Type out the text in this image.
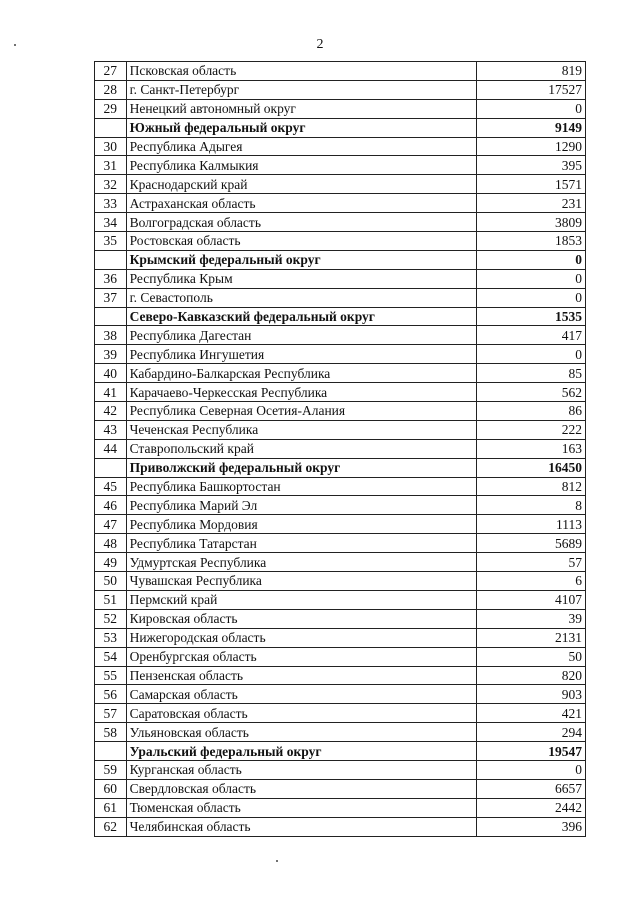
2
27	Псковская область	819
28	г. Санкт-Петербург	17527
29	Ненецкий автономный округ	0
	Южный федеральный округ	9149
30	Республика Адыгея	1290
31	Республика Калмыкия	395
32	Краснодарский край	1571
33	Астраханская область	231
34	Волгоградская область	3809
35	Ростовская область	1853
	Крымский федеральный округ	0
36	Республика Крым	0
37	г. Севастополь	0
	Северо-Кавказский федеральный округ	1535
38	Республика Дагестан	417
39	Республика Ингушетия	0
40	Кабардино-Балкарская Республика	85
41	Карачаево-Черкесская Республика	562
42	Республика Северная Осетия-Алания	86
43	Чеченская Республика	222
44	Ставропольский край	163
	Приволжский федеральный округ	16450
45	Республика Башкортостан	812
46	Республика Марий Эл	8
47	Республика Мордовия	1113
48	Республика Татарстан	5689
49	Удмуртская Республика	57
50	Чувашская Республика	6
51	Пермский край	4107
52	Кировская область	39
53	Нижегородская область	2131
54	Оренбургская область	50
55	Пензенская область	820
56	Самарская область	903
57	Саратовская область	421
58	Ульяновская область	294
	Уральский федеральный округ	19547
59	Курганская область	0
60	Свердловская область	6657
61	Тюменская область	2442
62	Челябинская область	396
